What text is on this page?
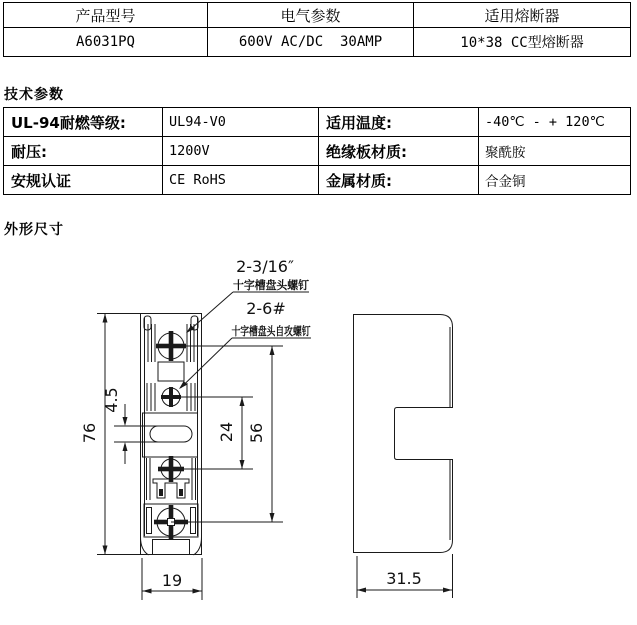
产品型号	电气参数	适用熔断器
A6031PQ	600V AC/DC  30AMP	10*38 CC型熔断器
技术参数
UL-94耐燃等级:	UL94-V0	适用温度:	-40℃ - + 120℃
耐压:	1200V	绝缘板材质:	聚酰胺
安规认证	CE RoHS	金属材质:	合金铜
外形尺寸
76
4.5
24 56
19
2-3/16″
十字槽盘头螺钉
2-6#
十字槽盘头自攻螺钉
31.5
